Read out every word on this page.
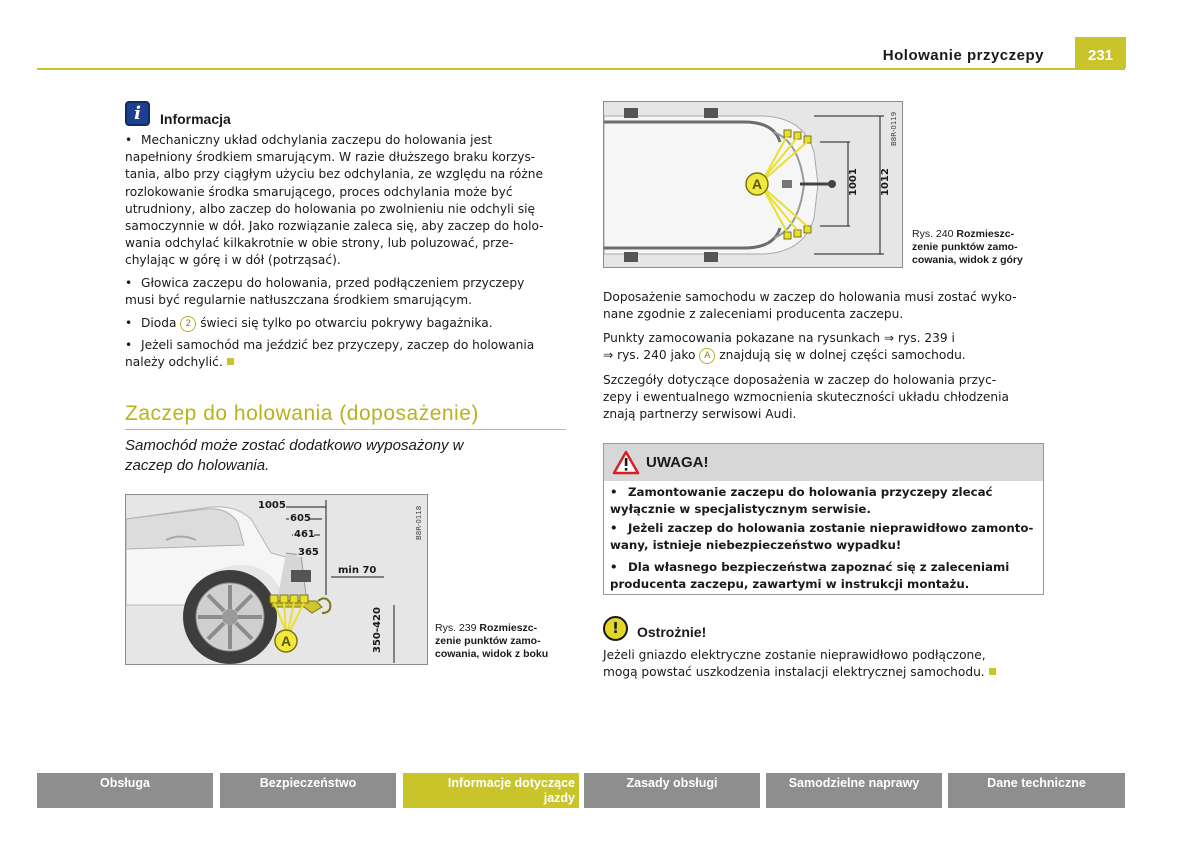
Holowanie przyczepy	231
i	Informacja
• Mechaniczny układ odchylania zaczepu do holowania jest
napełniony środkiem smarującym. W razie dłuższego braku korzys-
tania, albo przy ciągłym użyciu bez odchylania, ze względu na różne
rozlokowanie środka smarującego, proces odchylania może być
utrudniony, albo zaczep do holowania po zwolnieniu nie odchyli się
samoczynnie w dół. Jako rozwiązanie zaleca się, aby zaczep do holo-
wania odchylać kilkakrotnie w obie strony, lub poluzować, prze-
chylając w górę i w dół (potrząsać).
• Głowica zaczepu do holowania, przed podłączeniem przyczepy
musi być regularnie natłuszczana środkiem smarującym.
• Dioda 2 świeci się tylko po otwarciu pokrywy bagażnika.
• Jeżeli samochód ma jeździć bez przyczepy, zaczep do holowania
należy odchylić.
Zaczep do holowania (doposażenie)
Samochód może zostać dodatkowo wyposażony w
zaczep do holowania.
A
1005
605
461
365
min 70
350-420
B8R-0118
Rys. 239 Rozmieszc-
zenie punktów zamo-
cowania, widok z boku
A	1001 1012
B8R-0119
Rys. 240 Rozmieszc-
zenie punktów zamo-
cowania, widok z góry
Doposażenie samochodu w zaczep do holowania musi zostać wyko-
nane zgodnie z zaleceniami producenta zaczepu.
Punkty zamocowania pokazane na rysunkach ⇒ rys. 239 i
⇒ rys. 240 jako A znajdują się w dolnej części samochodu.
Szczegóły dotyczące doposażenia w zaczep do holowania przyc-
zepy i ewentualnego wzmocnienia skuteczności układu chłodzenia
znają partnerzy serwisowi Audi.
UWAGA!
• Zamontowanie zaczepu do holowania przyczepy zlecać
wyłącznie w specjalistycznym serwisie.
• Jeżeli zaczep do holowania zostanie nieprawidłowo zamonto-
wany, istnieje niebezpieczeństwo wypadku!
• Dla własnego bezpieczeństwa zapoznać się z zaleceniami
producenta zaczepu, zawartymi w instrukcji montażu.
!	Ostrożnie!
Jeżeli gniazdo elektryczne zostanie nieprawidłowo podłączone,
mogą powstać uszkodzenia instalacji elektrycznej samochodu.
Obsługa	Bezpieczeństwo	Informacje dotyczące jazdy
Zasady obsługi	Samodzielne naprawy	Dane techniczne
